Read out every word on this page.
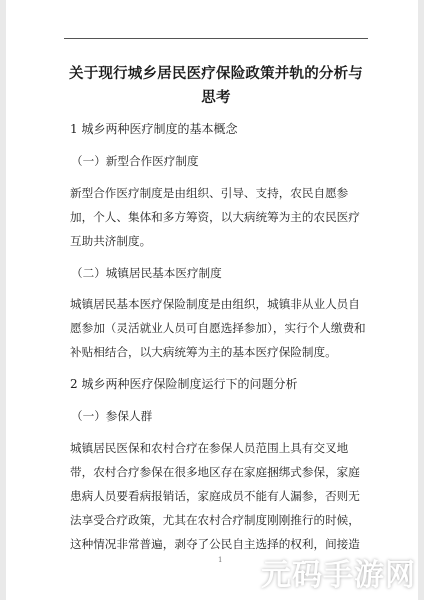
关于现行城乡居民医疗保险政策并轨的分析与
思考
1 城乡两种医疗制度的基本概念
（一）新型合作医疗制度
新型合作医疗制度是由组织、引导、支持，农民自愿参
加，个人、集体和多方筹资，以大病统筹为主的农民医疗
互助共济制度。
（二）城镇居民基本医疗制度
城镇居民基本医疗保险制度是由组织，城镇非从业人员自
愿参加（灵活就业人员可自愿选择参加），实行个人缴费和
补贴相结合，以大病统筹为主的基本医疗保险制度。
2 城乡两种医疗保险制度运行下的问题分析
（一）参保人群
城镇居民医保和农村合疗在参保人员范围上具有交叉地
带，农村合疗参保在很多地区存在家庭捆绑式参保，家庭
患病人员要看病报销话，家庭成员不能有人漏参，否则无
法享受合疗政策，尤其在农村合疗制度刚刚推行的时候，
这种情况非常普遍，剥夺了公民自主选择的权利，间接造
1 元码手游网
